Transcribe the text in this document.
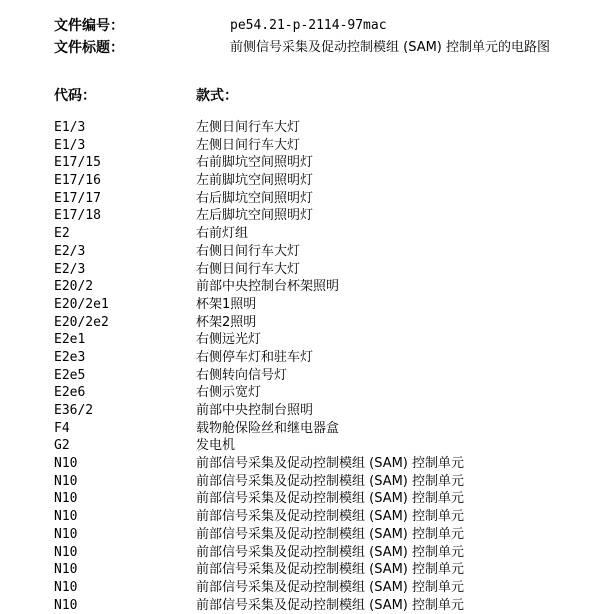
文件编号：	pe54.21-p-2114-97mac
文件标题：	前侧信号采集及促动控制模组 (SAM) 控制单元的电路图
代码：	款式：
E1/3	左侧日间行车大灯
E1/3	左侧日间行车大灯
E17/15	右前脚坑空间照明灯
E17/16	左前脚坑空间照明灯
E17/17	右后脚坑空间照明灯
E17/18	左后脚坑空间照明灯
E2	右前灯组
E2/3	右侧日间行车大灯
E2/3	右侧日间行车大灯
E20/2	前部中央控制台杯架照明
E20/2e1	杯架1照明
E20/2e2	杯架2照明
E2e1	右侧远光灯
E2e3	右侧停车灯和驻车灯
E2e5	右侧转向信号灯
E2e6	右侧示宽灯
E36/2	前部中央控制台照明
F4	载物舱保险丝和继电器盒
G2	发电机
N10	前部信号采集及促动控制模组 (SAM) 控制单元
N10	前部信号采集及促动控制模组 (SAM) 控制单元
N10	前部信号采集及促动控制模组 (SAM) 控制单元
N10	前部信号采集及促动控制模组 (SAM) 控制单元
N10	前部信号采集及促动控制模组 (SAM) 控制单元
N10	前部信号采集及促动控制模组 (SAM) 控制单元
N10	前部信号采集及促动控制模组 (SAM) 控制单元
N10	前部信号采集及促动控制模组 (SAM) 控制单元
N10	前部信号采集及促动控制模组 (SAM) 控制单元
